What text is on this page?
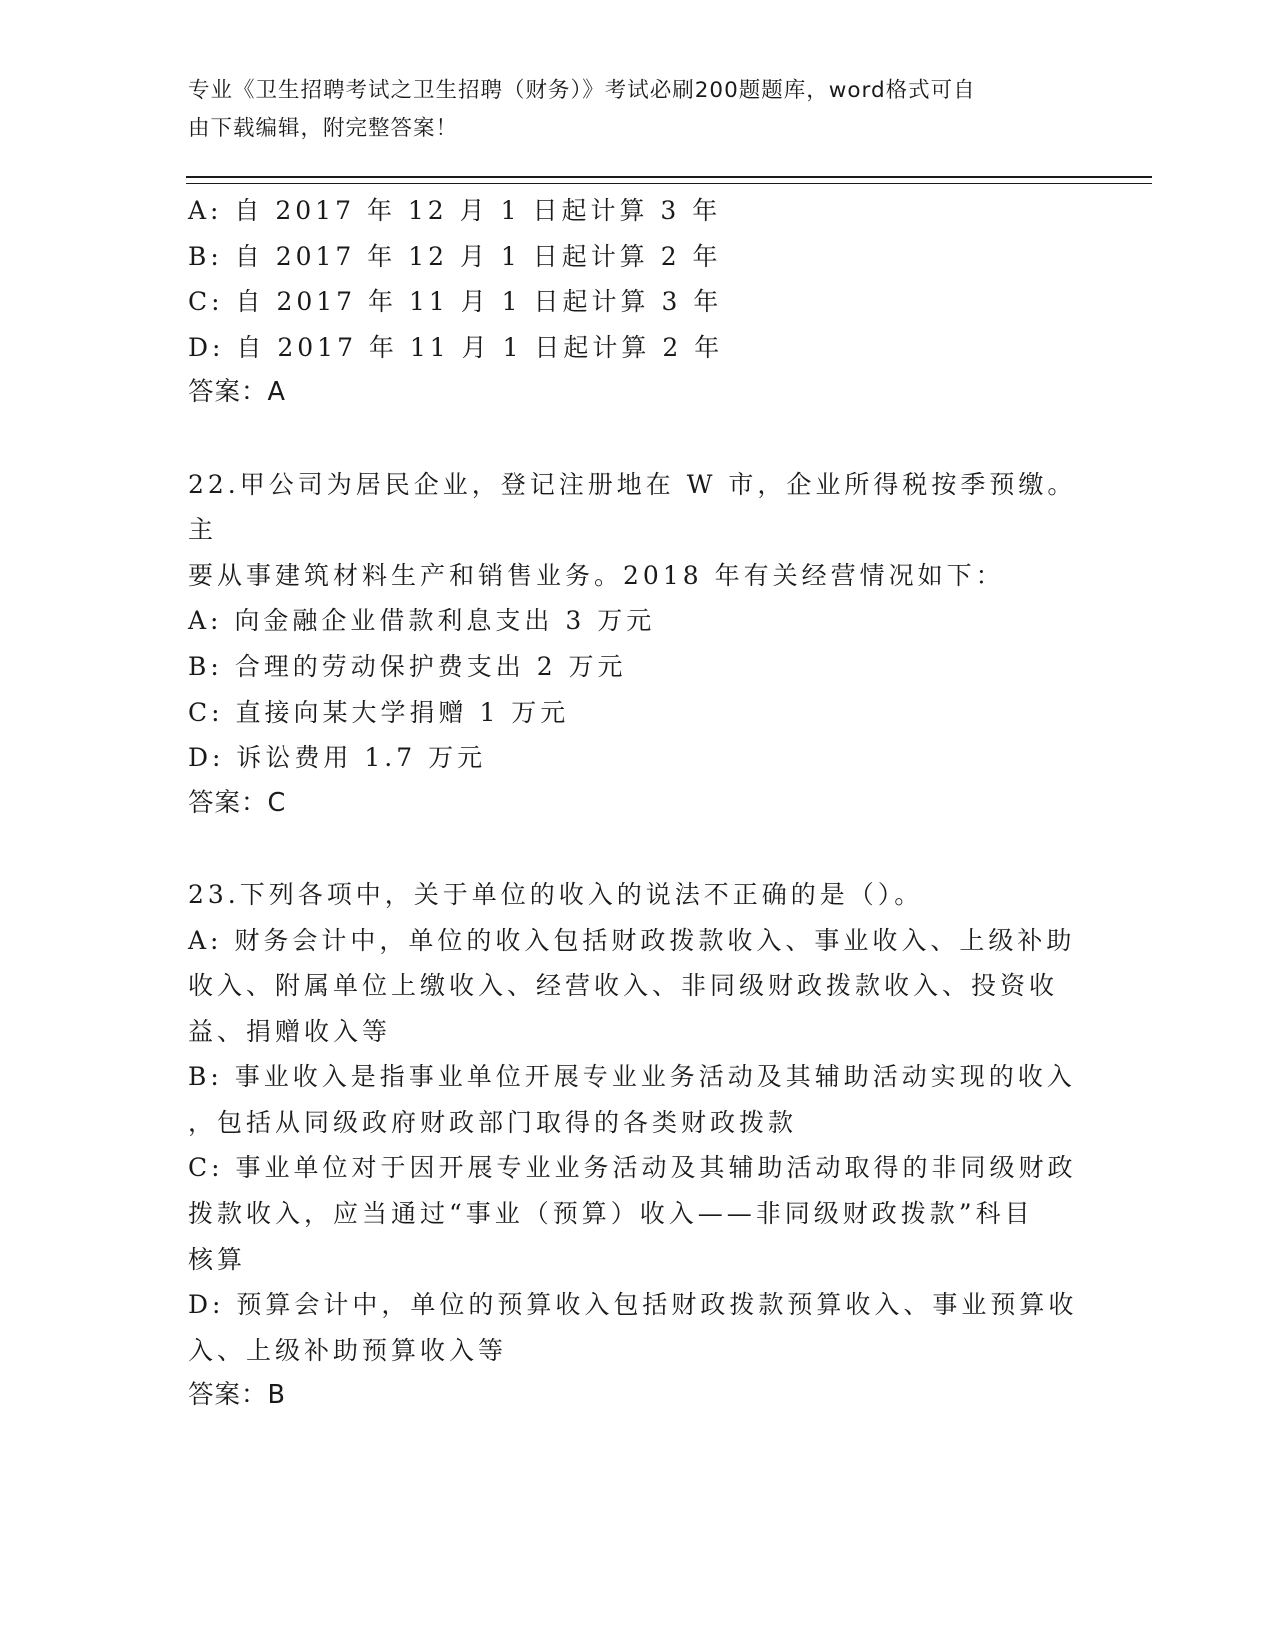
专业《卫生招聘考试之卫生招聘（财务）》考试必刷200题题库，word格式可自

由下载编辑，附完整答案！

A: 自 2017 年 12 月 1 日起计算 3 年

B: 自 2017 年 12 月 1 日起计算 2 年

C: 自 2017 年 11 月 1 日起计算 3 年

D: 自 2017 年 11 月 1 日起计算 2 年

答案：A

22.甲公司为居民企业，登记注册地在 W 市，企业所得税按季预缴。主

要从事建筑材料生产和销售业务。2018 年有关经营情况如下：

A: 向金融企业借款利息支出 3 万元

B: 合理的劳动保护费支出 2 万元

C: 直接向某大学捐赠 1 万元

D: 诉讼费用 1.7 万元

答案：C

23.下列各项中，关于单位的收入的说法不正确的是（）。

A: 财务会计中，单位的收入包括财政拨款收入、事业收入、上级补助

收入、附属单位上缴收入、经营收入、非同级财政拨款收入、投资收

益、捐赠收入等

B: 事业收入是指事业单位开展专业业务活动及其辅助活动实现的收入

，包括从同级政府财政部门取得的各类财政拨款

C: 事业单位对于因开展专业业务活动及其辅助活动取得的非同级财政

拨款收入，应当通过“事业（预算）收入——非同级财政拨款”科目

核算

D: 预算会计中，单位的预算收入包括财政拨款预算收入、事业预算收

入、上级补助预算收入等

答案：B
